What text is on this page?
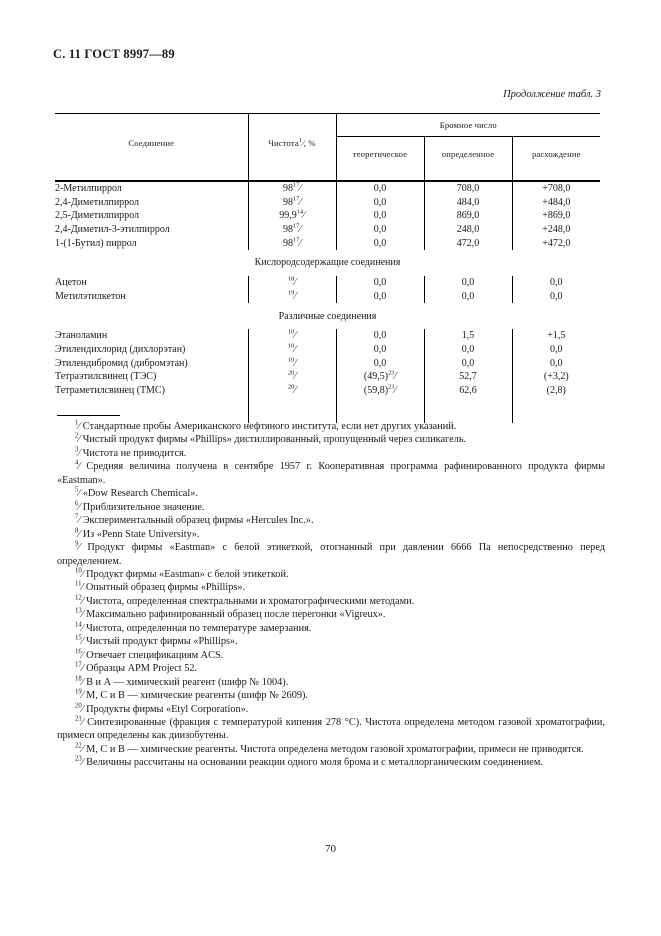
С. 11 ГОСТ 8997—89
Продолжение табл. 3
Соединение	Чистота$^1$⁄, %	Бромное число		
		теоретическое	определенное	расхождение

2-Метилпиррол	98$^{17}$⁄	0,0	708,0	+708,0
2,4-Диметилпиррол	98$^{17}$⁄	0,0	484,0	+484,0
2,5-Диметилпиррол	99,9$^{14}$⁄	0,0	869,0	+869,0
2,4-Диметил-3-этилпиррол	98$^{17}$⁄	0,0	248,0	+248,0
1-(1-Бутил) пиррол	98$^{17}$⁄	0,0	472,0	+472,0
Кислородсодержащие соединения				
Ацетон	$^{18}$⁄	0,0	0,0	0,0
Метилэтилкетон	$^{19}$⁄	0,0	0,0	0,0
Различные соединения				
Этаноламин	$^{10}$⁄	0,0	1,5	+1,5
Этилендихлорид (дихлорэтан)	$^{10}$⁄	0,0	0,0	0,0
Этилендибромид (дибромэтан)	$^{10}$⁄	0,0	0,0	0,0
Тетраэтилсвинец (ТЭС)	$^{20}$⁄	(49,5)$^{23}$⁄	52,7	(+3,2)
Тетраметилсвинец (ТМС)	$^{20}$⁄	(59,8)$^{23}$⁄	62,6	(2,8)

$^1$⁄ Стандартные пробы Американского нефтяного института, если нет других указаний.

$^2$⁄ Чистый продукт фирмы «Phillips» дистиллированный, пропущенный через силикагель.

$^3$⁄ Чистота не приводится.

$^4$⁄ Средняя величина получена в сентябре 1957 г. Кооперативная программа рафинированного продукта фирмы «Eastman».

$^5$⁄ «Dow Research Chemical».

$^6$⁄ Приблизительное значение.

$^7$⁄ Экспериментальный образец фирмы «Hercules Inc.».

$^8$⁄ Из «Penn State University».

$^9$⁄ Продукт фирмы «Eastman» с белой этикеткой, отогнанный при давлении 6666 Па непосредственно перед определением.

$^{10}$⁄ Продукт фирмы «Eastman» с белой этикеткой.

$^{11}$⁄ Опытный образец фирмы «Phillips».

$^{12}$⁄ Чистота, определенная спектральными и хроматографическими методами.

$^{13}$⁄ Максимально рафинированный образец после перегонки «Vigreux».

$^{14}$⁄ Чистота, определенная по температуре замерзания.

$^{15}$⁄ Чистый продукт фирмы «Phillips».

$^{16}$⁄ Отвечает спецификациям ACS.

$^{17}$⁄ Образцы APM Project 52.

$^{18}$⁄ В и А — химический реагент (шифр № 1004).

$^{19}$⁄ М, С и В — химические реагенты (шифр № 2609).

$^{20}$⁄ Продукты фирмы «Etyl Corporation».

$^{21}$⁄ Синтезированные (фракция с температурой кипения 278 °С). Чистота определена методом газовой хроматографии, примеси определены как диизобутены.

$^{22}$⁄ М, С и В — химические реагенты. Чистота определена методом газовой хроматографии, примеси не приводятся.

$^{23}$⁄ Величины рассчитаны на основании реакции одного моля брома и с металлорганическим соединением.

70
